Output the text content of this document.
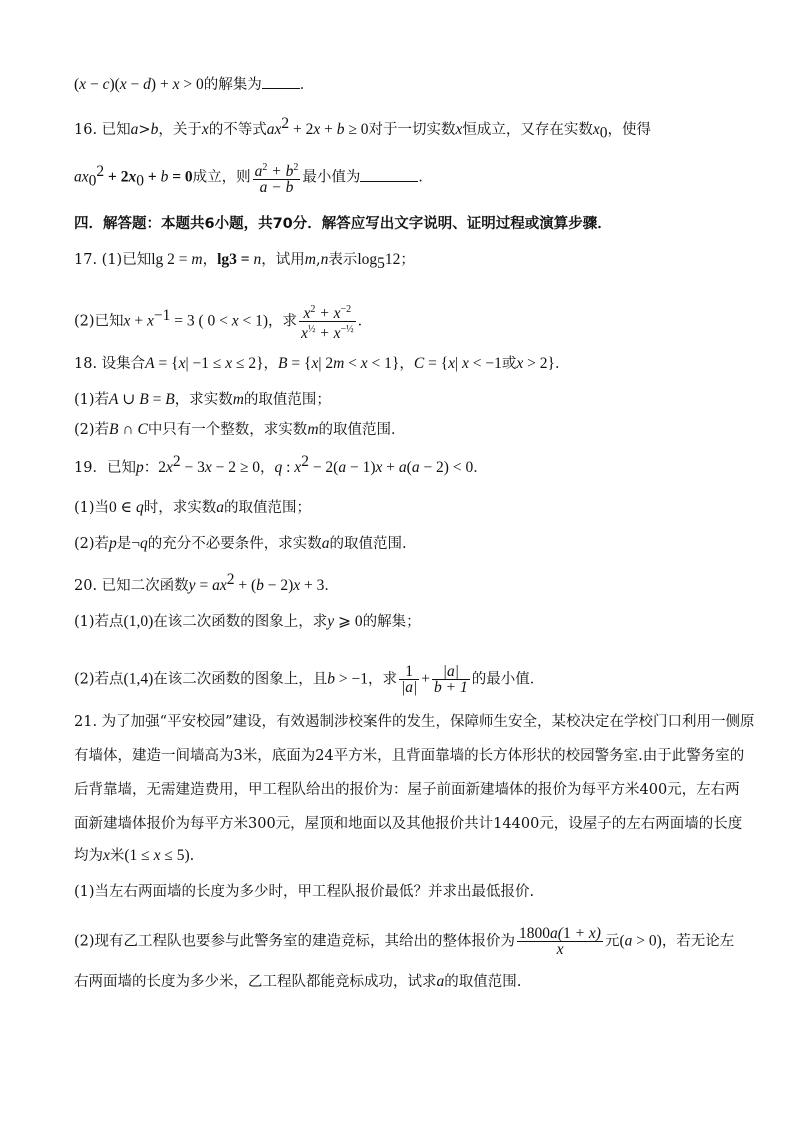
(x − c)(x − d) + x > 0的解集为	．
16. 已知a>b，关于x的不等式$ax^2 + 2x + b \ge 0$对于一切实数x恒成立，又存在实数$x_0$，使得
$ax_0^2 + 2x_0 + b = 0$成立，则 $\frac{a^2 + b^2}{a - b}$ 最小值为	．
四．解答题：本题共6小题，共70分．解答应写出文字说明、证明过程或演算步骤．
17. (1)已知lg 2 = m，lg3 = n，试用m,n表示$\log_512$；
(2)已知$x + x^{-1} = 3$ ( 0 < x < 1)，求 $\frac{x^2 + x^{-2}}{x^{\frac{1}{2}} + x^{-\frac{1}{2}}}$ ．
18. 设集合A = {x| −1 ≤ x ≤ 2}，B = {x| 2m < x < 1}，C = {x| x < −1或x > 2}．
(1)若A ∪ B = B，求实数m的取值范围；
(2)若B ∩ C中只有一个整数，求实数m的取值范围．
19．已知p：$2x^2 - 3x - 2 \ge 0$，q : $x^2 - 2(a - 1)x + a(a - 2) < 0$．
(1)当0 ∈ q时，求实数a的取值范围；
(2)若p是¬q的充分不必要条件，求实数a的取值范围.
20. 已知二次函数$y = ax^2 + (b - 2)x + 3$．
(1)若点(1,0)在该二次函数的图象上，求y ⩾ 0的解集；
(2)若点(1,4)在该二次函数的图象上，且b > −1，求 $\frac{1}{|a|} + \frac{|a|}{b + 1}$ 的最小值．
21. 为了加强“平安校园”建设，有效遏制涉校案件的发生，保障师生安全，某校决定在学校门口利用一侧原
有墙体，建造一间墙高为3米，底面为24平方米，且背面靠墙的长方体形状的校园警务室.由于此警务室的
后背靠墙，无需建造费用，甲工程队给出的报价为：屋子前面新建墙体的报价为每平方米400元，左右两
面新建墙体报价为每平方米300元，屋顶和地面以及其他报价共计14400元，设屋子的左右两面墙的长度
均为x米(1 ≤ x ≤ 5).
(1)当左右两面墙的长度为多少时，甲工程队报价最低？并求出最低报价.
(2)现有乙工程队也要参与此警务室的建造竞标，其给出的整体报价为 $\frac{1800a(1 + x)}{x}$ 元(a > 0)，若无论左
右两面墙的长度为多少米，乙工程队都能竞标成功，试求a的取值范围.
